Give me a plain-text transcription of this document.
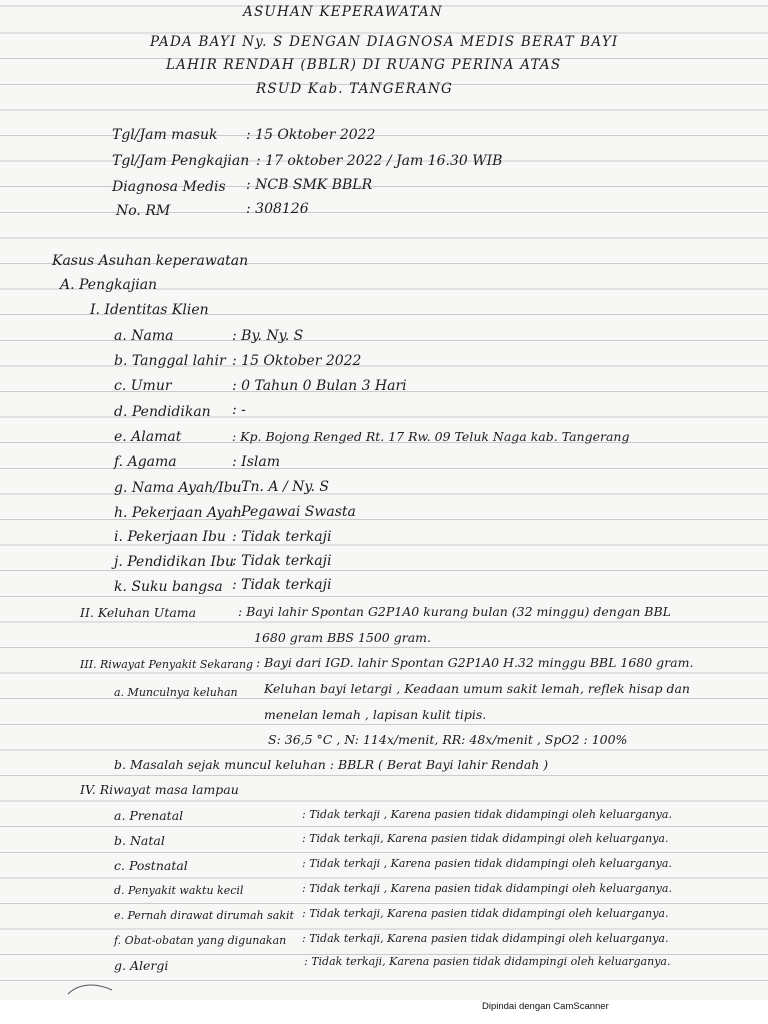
ASUHAN KEPERAWATAN
PADA BAYI Ny. S DENGAN DIAGNOSA MEDIS BERAT BAYI
LAHIR RENDAH (BBLR) DI RUANG PERINA ATAS
RSUD Kab. TANGERANG
Tgl/Jam masuk : 15 Oktober 2022
Tgl/Jam Pengkajian : 17 oktober 2022 / Jam 16.30 WIB
Diagnosa Medis : NCB SMK BBLR
No. RM	: 308126
Kasus Asuhan keperawatan
A. Pengkajian
I. Identitas Klien
a. Nama	: By. Ny. S
b. Tanggal lahir : 15 Oktober 2022
c. Umur	: 0 Tahun 0 Bulan 3 Hari
d. Pendidikan : -
e. Alamat	: Kp. Bojong Renged Rt. 17 Rw. 09 Teluk Naga kab. Tangerang
f. Agama	: Islam
g. Nama Ayah/Ibu
: Tn. A / Ny. S
h. Pekerjaan Ayah
: Pegawai Swasta
i. Pekerjaan Ibu : Tidak terkaji
j. Pendidikan Ibu
: Tidak terkaji
k. Suku bangsa : Tidak terkaji
II. Keluhan Utama	: Bayi lahir Spontan G2P1A0 kurang bulan (32 minggu) dengan BBL
1680 gram BBS 1500 gram.
III. Riwayat Penyakit Sekarang : Bayi dari IGD. lahir Spontan G2P1A0 H.32 minggu BBL 1680 gram.
a. Munculnya keluhan Keluhan bayi letargi , Keadaan umum sakit lemah, reflek hisap dan
menelan lemah , lapisan kulit tipis.
S: 36,5 °C , N: 114x/menit, RR: 48x/menit , SpO2 : 100%
b. Masalah sejak muncul keluhan : BBLR ( Berat Bayi lahir Rendah )
IV. Riwayat masa lampau
a. Prenatal	: Tidak terkaji , Karena pasien tidak didampingi oleh keluarganya.
b. Natal	: Tidak terkaji, Karena pasien tidak didampingi oleh keluarganya.
c. Postnatal	: Tidak terkaji , Karena pasien tidak didampingi oleh keluarganya.
d. Penyakit waktu kecil	: Tidak terkaji , Karena pasien tidak didampingi oleh keluarganya.
e. Pernah dirawat dirumah sakit : Tidak terkaji, Karena pasien tidak didampingi oleh keluarganya.
f. Obat-obatan yang digunakan : Tidak terkaji, Karena pasien tidak didampingi oleh keluarganya.
g. Alergi	: Tidak terkaji, Karena pasien tidak didampingi oleh keluarganya.
Dipindai dengan CamScanner
